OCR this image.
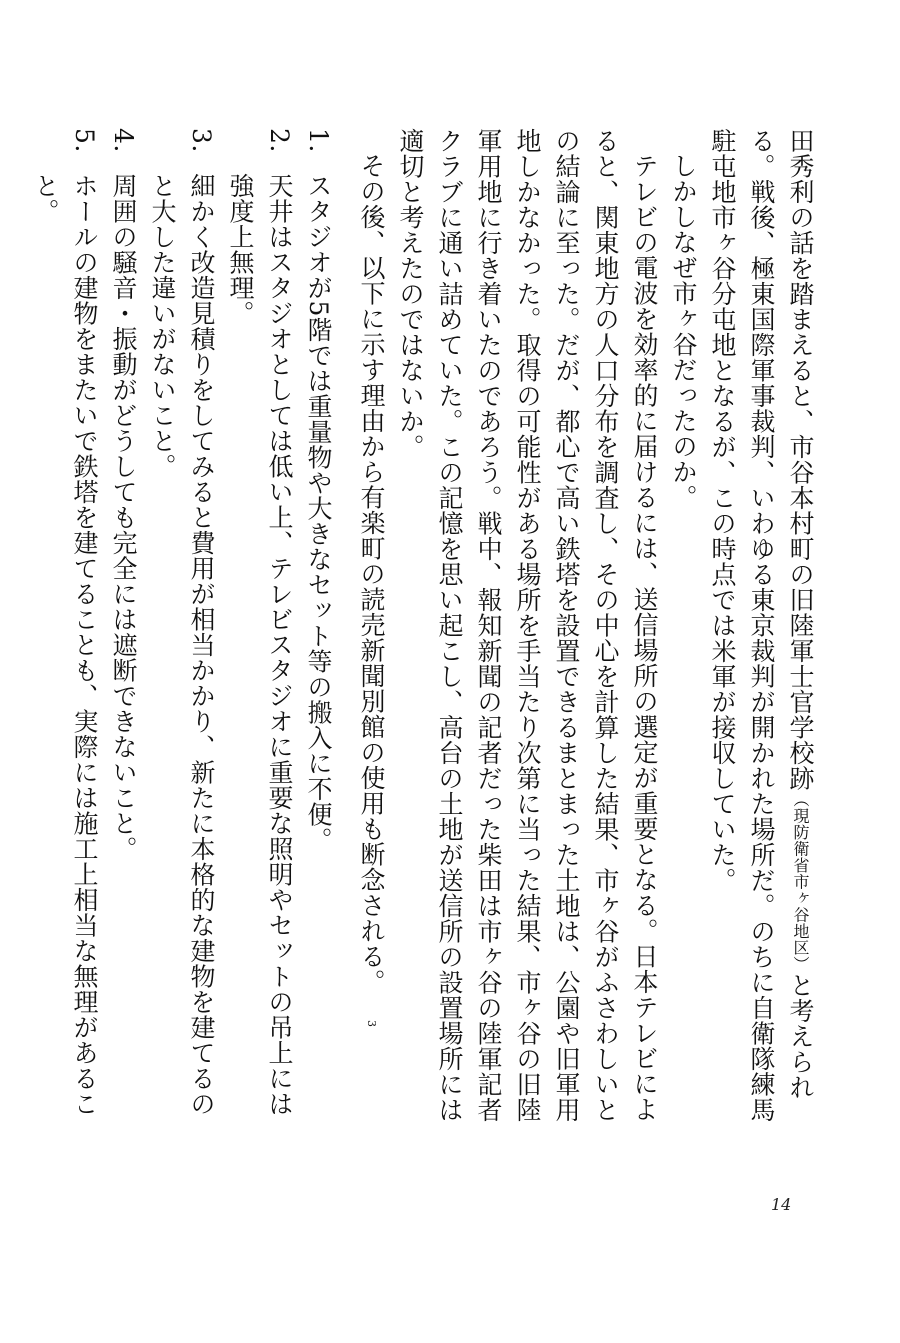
田秀利の話を踏まえると、市谷本村町の旧陸軍士官学校跡（現防衛省市ヶ谷地区）と考えられる。戦後、極東国際軍事裁判、いわゆる東京裁判が開かれた場所だ。のちに自衛隊練馬駐屯地市ヶ谷分屯地となるが、この時点では米軍が接収していた。

しかしなぜ市ヶ谷だったのか。

テレビの電波を効率的に届けるには、送信場所の選定が重要となる。日本テレビによると、関東地方の人口分布を調査し、その中心を計算した結果、市ヶ谷がふさわしいとの結論に至った。だが、都心で高い鉄塔を設置できるまとまった土地は、公園や旧軍用地しかなかった。取得の可能性がある場所を手当たり次第に当った結果、市ヶ谷の旧陸軍用地に行き着いたのであろう。戦中、報知新聞の記者だった柴田は市ヶ谷の陸軍記者クラブに通い詰めていた。この記憶を思い起こし、高台の土地が送信所の設置場所には適切と考えたのではないか。

その後、以下に示す理由から有楽町の読売新聞別館の使用も断念される。3

1.スタジオが5階では重量物や大きなセット等の搬入に不便。

2.天井はスタジオとしては低い上、テレビスタジオに重要な照明やセットの吊上には強度上無理。

3.細かく改造見積りをしてみると費用が相当かかり、新たに本格的な建物を建てるのと大した違いがないこと。

4.周囲の騒音・振動がどうしても完全には遮断できないこと。

5.ホールの建物をまたいで鉄塔を建てることも、実際には施工上相当な無理があること。

14
